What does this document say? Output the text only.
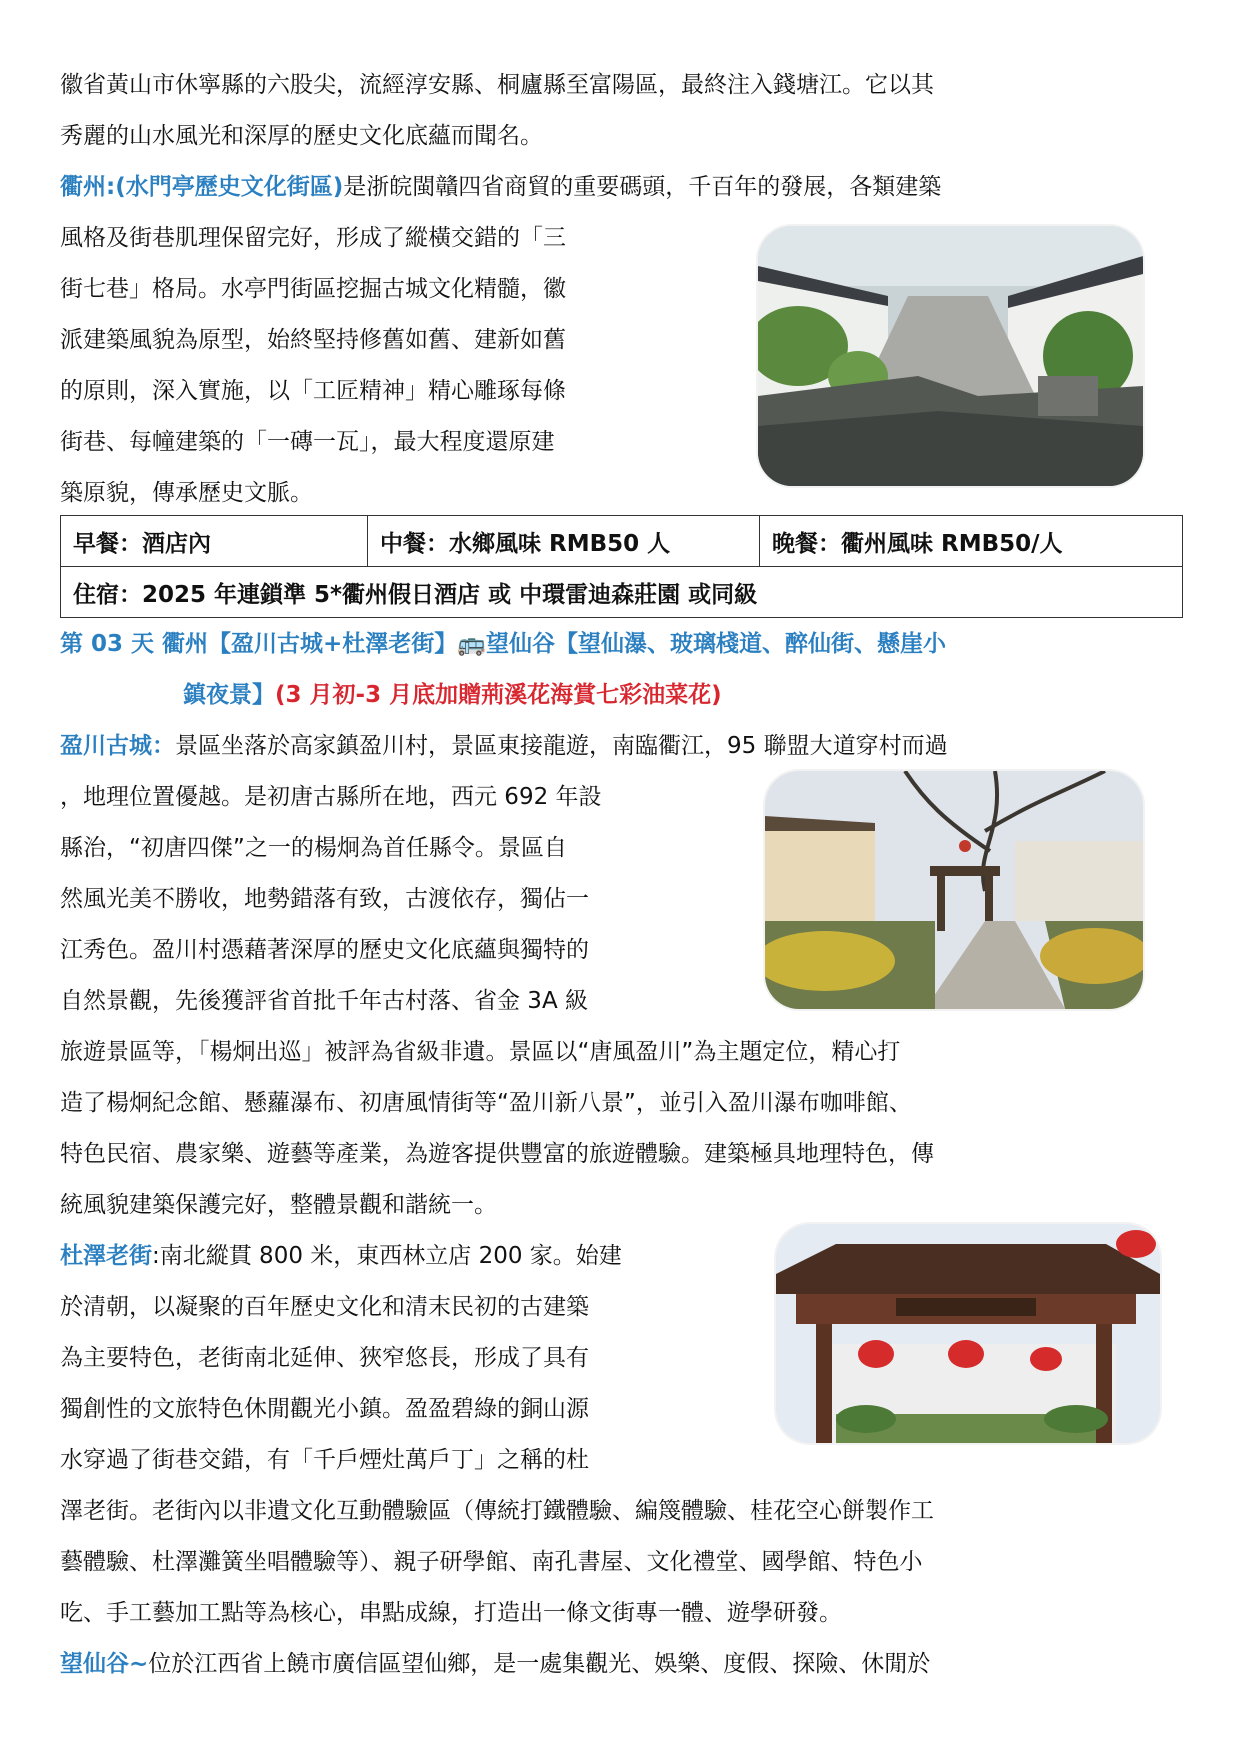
徽省黃山市休寧縣的六股尖，流經淳安縣、桐廬縣至富陽區，最終注入錢塘江。它以其

秀麗的山水風光和深厚的歷史文化底蘊而聞名。

衢州:(水門亭歷史文化街區)是浙皖閩贛四省商貿的重要碼頭，千百年的發展，各類建築

風格及街巷肌理保留完好，形成了縱橫交錯的「三

街七巷」格局。水亭門街區挖掘古城文化精髓，徽

派建築風貌為原型，始終堅持修舊如舊、建新如舊

的原則，深入實施，以「工匠精神」精心雕琢每條

街巷、每幢建築的「一磚一瓦」，最大程度還原建

築原貌，傳承歷史文脈。

早餐：酒店內	中餐：水鄉風味 RMB50 人	晚餐：衢州風味 RMB50/人
住宿：2025 年連鎖準 5*衢州假日酒店 或 中環雷迪森莊園 或同級
第 03 天 衢州【盈川古城+杜澤老街】🚌望仙谷【望仙瀑、玻璃棧道、醉仙街、懸崖小
鎮夜景】(3 月初-3 月底加贈荊溪花海賞七彩油菜花)

盈川古城：景區坐落於高家鎮盈川村，景區東接龍遊，南臨衢江，95 聯盟大道穿村而過

，地理位置優越。是初唐古縣所在地，西元 692 年設

縣治，“初唐四傑”之一的楊炯為首任縣令。景區自

然風光美不勝收，地勢錯落有致，古渡依存，獨佔一

江秀色。盈川村憑藉著深厚的歷史文化底蘊與獨特的

自然景觀，先後獲評省首批千年古村落、省金 3A 級

旅遊景區等，「楊炯出巡」被評為省級非遺。景區以“唐風盈川”為主題定位，精心打

造了楊炯紀念館、懸蘿瀑布、初唐風情街等“盈川新八景”，並引入盈川瀑布咖啡館、

特色民宿、農家樂、遊藝等產業，為遊客提供豐富的旅遊體驗。建築極具地理特色，傳

統風貌建築保護完好，整體景觀和諧統一。

杜澤老街:南北縱貫 800 米，東西林立店 200 家。始建

於清朝，以凝聚的百年歷史文化和清末民初的古建築

為主要特色，老街南北延伸、狹窄悠長，形成了具有

獨創性的文旅特色休閒觀光小鎮。盈盈碧綠的銅山源

水穿過了街巷交錯，有「千戶煙灶萬戶丁」之稱的杜

澤老街。老街內以非遺文化互動體驗區（傳統打鐵體驗、編篾體驗、桂花空心餅製作工

藝體驗、杜澤灘簧坐唱體驗等）、親子研學館、南孔書屋、文化禮堂、國學館、特色小

吃、手工藝加工點等為核心，串點成線，打造出一條文街專一體、遊學研發。

望仙谷~位於江西省上饒市廣信區望仙鄉，是一處集觀光、娛樂、度假、探險、休閒於
